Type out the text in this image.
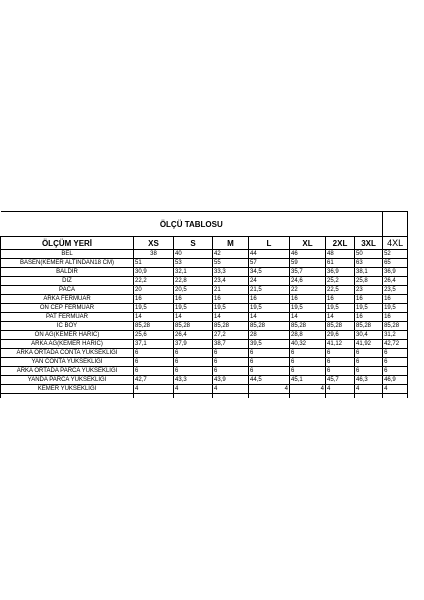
ÖLÇÜ TABLOSU								
ÖLÇÜM YERİ	XS	S	M	L	XL	2XL	3XL	4XL
BEL	38	40	42	44	46	48	50	52
BASEN(KEMER ALTINDAN18 CM)	51	53	55	57	59	61	63	65
BALDIR	30,9	32,1	33,3	34,5	35,7	36,9	38,1	36,9
DIZ	22,2	22,8	23,4	24	24,6	25,2	25,8	26,4
PACA	20	20,5	21	21,5	22	22,5	23	23,5
ARKA FERMUAR	16	16	16	16	16	16	16	16
ON CEP FERMUAR	19,5	19,5	19,5	19,5	19,5	19,5	19,5	19,5
PAT FERMUAR	14	14	14	14	14	14	16	16
IC BOY	85,28	85,28	85,28	85,28	85,28	85,28	85,28	85,28
ON AG(KEMER HARIC)	25,6	26,4	27,2	28	28,8	29,6	30,4	31,2
ARKA AG(KEMER HARIC)	37,1	37,9	38,7	39,5	40,32	41,12	41,92	42,72
ARKA ORTADA CONTA YUKSEKLIGI	6	6	6	6	6	6	6	6
YAN CONTA YUKSEKLIGI	6	6	6	6	6	6	6	6
ARKA ORTADA PARCA YUKSEKLIGI	6	6	6	6	6	6	6	6
YANDA PARCA YUKSEKLIGI	42,7	43,3	43,9	44,5	45,1	45,7	46,3	46,9
KEMER YUKSEKLIGI	4	4	4	4	4	4	4	4
